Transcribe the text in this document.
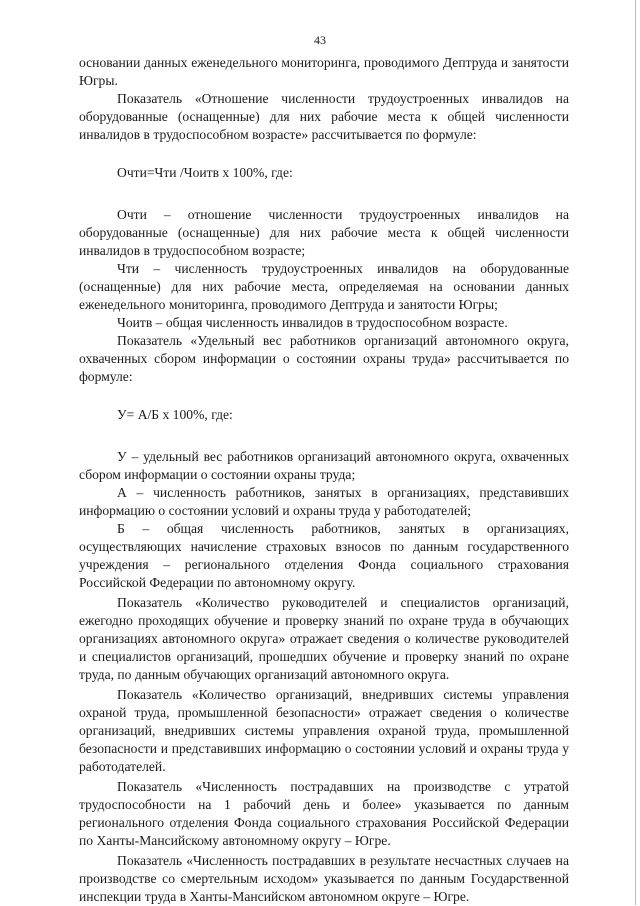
43

основании данных еженедельного мониторинга, проводимого Дептруда и занятости Югры.

Показатель «Отношение численности трудоустроенных инвалидов на оборудованные (оснащенные) для них рабочие места к общей численности инвалидов в трудоспособном возрасте» рассчитывается по формуле:

Очти=Чти /Чоитв х 100%, где:

Очти – отношение численности трудоустроенных инвалидов на оборудованные (оснащенные) для них рабочие места к общей численности инвалидов в трудоспособном возрасте;

Чти – численность трудоустроенных инвалидов на оборудованные (оснащенные) для них рабочие места, определяемая на основании данных еженедельного мониторинга, проводимого Дептруда и занятости Югры;

Чоитв – общая численность инвалидов в трудоспособном возрасте.

Показатель «Удельный вес работников организаций автономного округа, охваченных сбором информации о состоянии охраны труда» рассчитывается по формуле:

У= А/Б х 100%, где:

У – удельный вес работников организаций автономного округа, охваченных сбором информации о состоянии охраны труда;

А – численность работников, занятых в организациях, представивших информацию о состоянии условий и охраны труда у работодателей;

Б – общая численность работников, занятых в организациях, осуществляющих начисление страховых взносов по данным государственного учреждения – регионального отделения Фонда социального страхования Российской Федерации по автономному округу.

Показатель «Количество руководителей и специалистов организаций, ежегодно проходящих обучение и проверку знаний по охране труда в обучающих организациях автономного округа» отражает сведения о количестве руководителей и специалистов организаций, прошедших обучение и проверку знаний по охране труда, по данным обучающих организаций автономного округа.

Показатель «Количество организаций, внедривших системы управления охраной труда, промышленной безопасности» отражает сведения о количестве организаций, внедривших системы управления охраной труда, промышленной безопасности и представивших информацию о состоянии условий и охраны труда у работодателей.

Показатель «Численность пострадавших на производстве с утратой трудоспособности на 1 рабочий день и более» указывается по данным регионального отделения Фонда социального страхования Российской Федерации по Ханты-Мансийскому автономному округу – Югре.

Показатель «Численность пострадавших в результате несчастных случаев на производстве со смертельным исходом» указывается по данным Государственной инспекции труда в Ханты-Мансийском автономном округе – Югре.
